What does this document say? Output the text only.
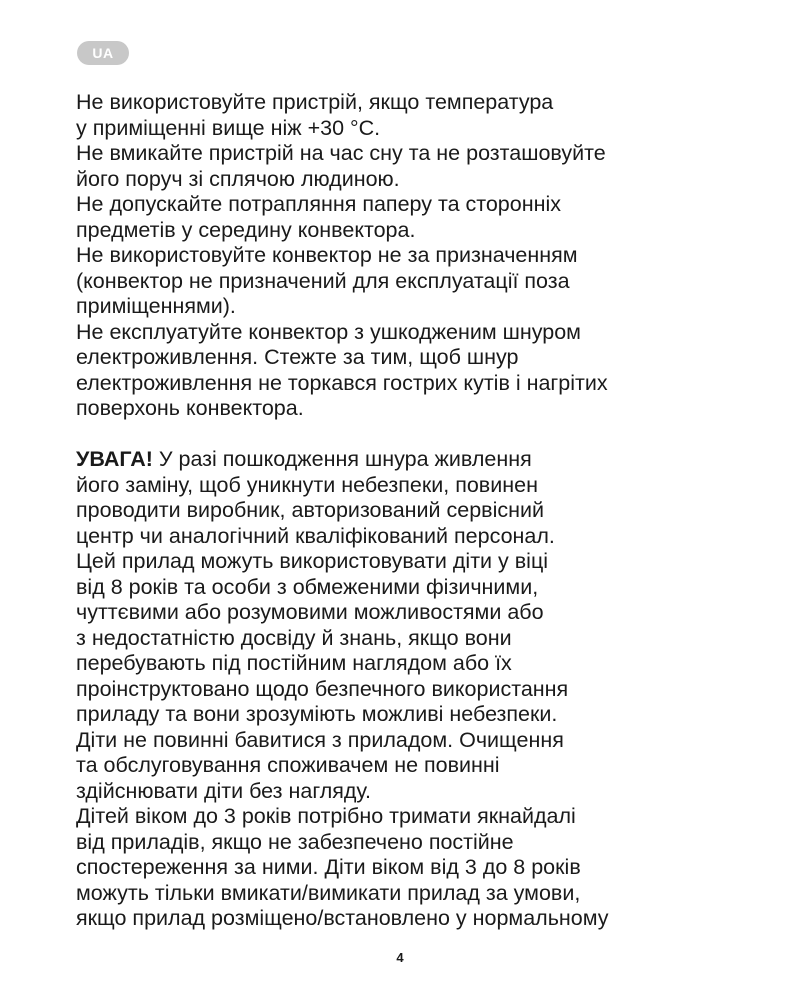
UA
Не використовуйте пристрій, якщо температура
у приміщенні вище ніж +30 °С.
Не вмикайте пристрій на час сну та не розташовуйте
його поруч зі сплячою людиною.
Не допускайте потрапляння паперу та сторонніх
предметів у середину конвектора.
Не використовуйте конвектор не за призначенням
(конвектор не призначений для експлуатації поза
приміщеннями).
Не експлуатуйте конвектор з ушкодженим шнуром
електроживлення. Стежте за тим, щоб шнур
електроживлення не торкався гострих кутів і нагрітих
поверхонь конвектора.
УВАГА! У разі пошкодження шнура живлення
його заміну, щоб уникнути небезпеки, повинен
проводити виробник, авторизований сервісний
центр чи аналогічний кваліфікований персонал.
Цей прилад можуть використовувати діти у віці
від 8 років та особи з обмеженими фізичними,
чуттєвими або розумовими можливостями або
з недостатністю досвіду й знань, якщо вони
перебувають під постійним наглядом або їх
проінструктовано щодо безпечного використання
приладу та вони зрозуміють можливі небезпеки.
Діти не повинні бавитися з приладом. Очищення
та обслуговування споживачем не повинні
здійснювати діти без нагляду.
Дітей віком до 3 років потрібно тримати якнайдалі
від приладів, якщо не забезпечено постійне
спостереження за ними. Діти віком від 3 до 8 років
можуть тільки вмикати/вимикати прилад за умови,
якщо прилад розміщено/встановлено у нормальному
4
